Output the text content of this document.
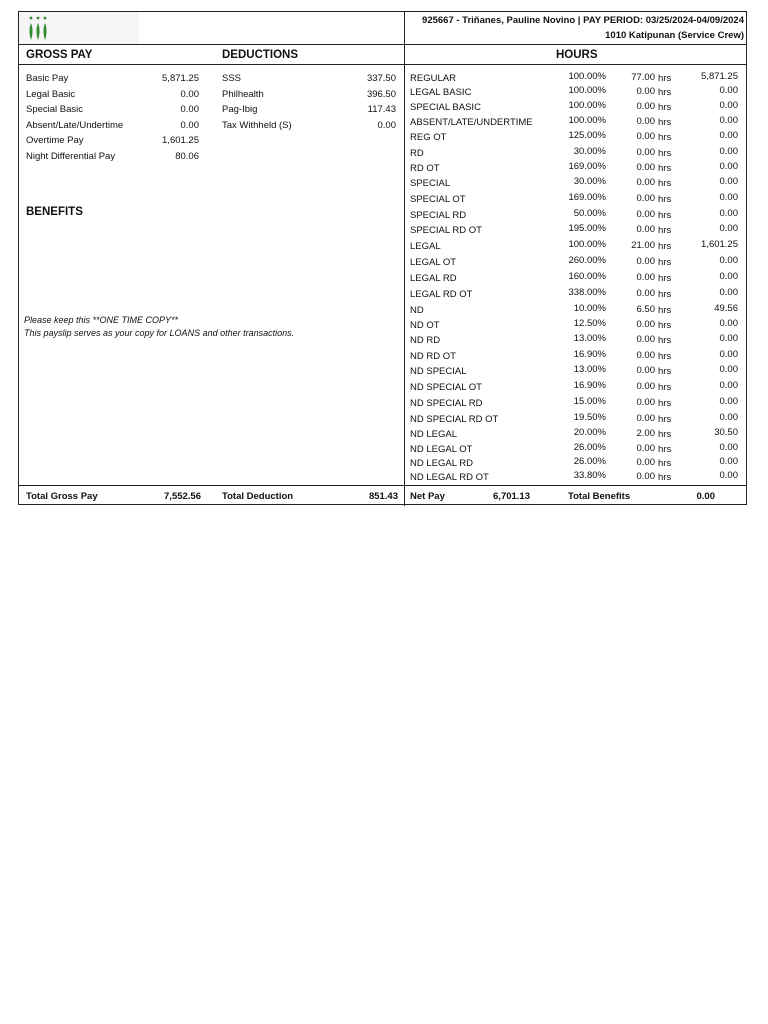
925667 - Triñanes, Pauline Novino | PAY PERIOD: 03/25/2024-04/09/2024
1010 Katipunan (Service Crew)
GROSS PAY	DEDUCTIONS	HOURS
BENEFITS
Basic Pay	5,871.25
Legal Basic	0.00
Special Basic	0.00
Absent/Late/Undertime	0.00
Overtime Pay	1,601.25
Night Differential Pay	80.06
SSS	337.50
Philhealth	396.50
Pag-Ibig	117.43
Tax Withheld (S)	0.00
Please keep this **ONE TIME COPY**
This payslip serves as your copy for LOANS and other transactions.
REGULAR	100.00%	77.00 hrs	5,871.25
LEGAL BASIC	100.00%	0.00 hrs	0.00
SPECIAL BASIC	100.00%	0.00 hrs	0.00
ABSENT/LATE/UNDERTIME	100.00%	0.00 hrs	0.00
REG OT	125.00%	0.00 hrs	0.00
RD	30.00%	0.00 hrs	0.00
RD OT	169.00%	0.00 hrs	0.00
SPECIAL	30.00%	0.00 hrs	0.00
SPECIAL OT	169.00%	0.00 hrs	0.00
SPECIAL RD	50.00%	0.00 hrs	0.00
SPECIAL RD OT	195.00%	0.00 hrs	0.00
LEGAL	100.00%	21.00 hrs	1,601.25
LEGAL OT	260.00%	0.00 hrs	0.00
LEGAL RD	160.00%	0.00 hrs	0.00
LEGAL RD OT	338.00%	0.00 hrs	0.00
ND	10.00%	6.50 hrs	49.56
ND OT	12.50%	0.00 hrs	0.00
ND RD	13.00%	0.00 hrs	0.00
ND RD OT	16.90%	0.00 hrs	0.00
ND SPECIAL	13.00%	0.00 hrs	0.00
ND SPECIAL OT	16.90%	0.00 hrs	0.00
ND SPECIAL RD	15.00%	0.00 hrs	0.00
ND SPECIAL RD OT	19.50%	0.00 hrs	0.00
ND LEGAL	20.00%	2.00 hrs	30.50
ND LEGAL OT	26.00%	0.00 hrs	0.00
ND LEGAL RD	26.00%	0.00 hrs	0.00
ND LEGAL RD OT	33.80%	0.00 hrs	0.00
Total Gross Pay	7,552.56 Total Deduction	851.43 Net Pay	6,701.13	Total Benefits	0.00
